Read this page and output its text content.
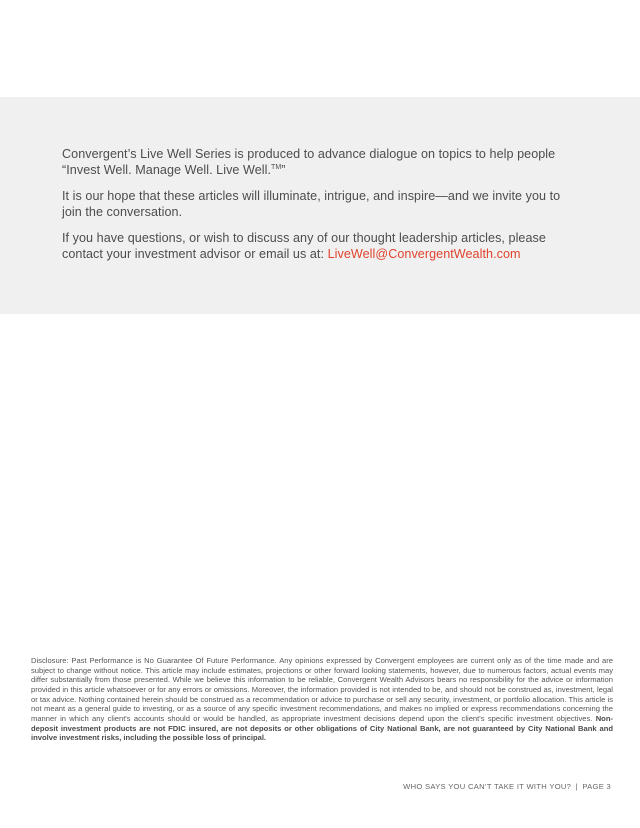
Convergent’s Live Well Series is produced to advance dialogue on topics to help people “Invest Well. Manage Well. Live Well.™”

It is our hope that these articles will illuminate, intrigue, and inspire—and we invite you to join the conversation.

If you have questions, or wish to discuss any of our thought leadership articles, please contact your investment advisor or email us at: LiveWell@ConvergentWealth.com

Disclosure: Past Performance is No Guarantee Of Future Performance. Any opinions expressed by Convergent employees are current only as of the time made and are subject to change without notice. This article may include estimates, projections or other forward looking statements, however, due to numerous factors, actual events may differ substantially from those presented. While we believe this information to be reliable, Convergent Wealth Advisors bears no responsibility for the advice or information provided in this article whatsoever or for any errors or omissions. Moreover, the information provided is not intended to be, and should not be construed as, investment, legal or tax advice. Nothing contained herein should be construed as a recommendation or advice to purchase or sell any security, investment, or portfolio allocation. This article is not meant as a general guide to investing, or as a source of any specific investment recommendations, and makes no implied or express recommendations concerning the manner in which any client's accounts should or would be handled, as appropriate investment decisions depend upon the client's specific investment objectives. Non-deposit investment products are not FDIC insured, are not deposits or other obligations of City National Bank, are not guaranteed by City National Bank and involve investment risks, including the possible loss of principal.

WHO SAYS YOU CAN’T TAKE IT WITH YOU? | PAGE 3
